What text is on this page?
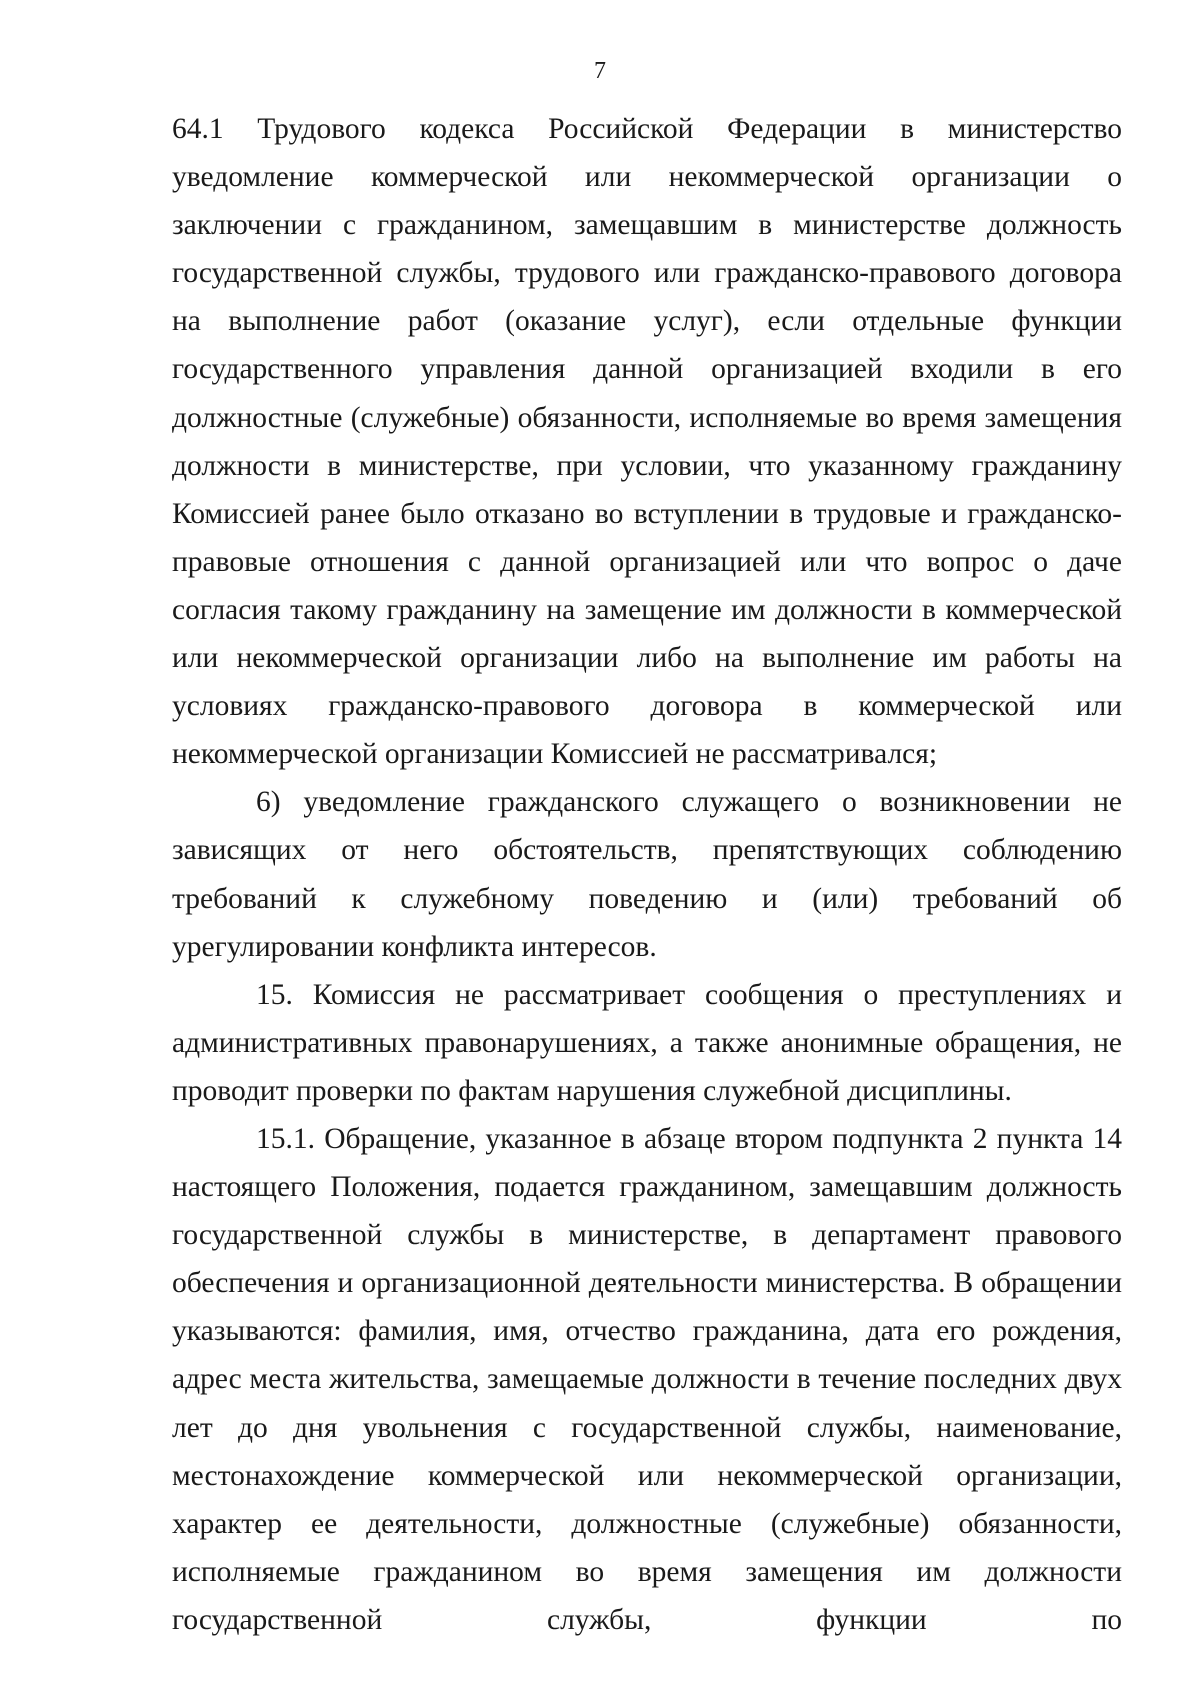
7

64.1 Трудового кодекса Российской Федерации в министерство уведомление коммерческой или некоммерческой организации о заключении с гражданином, замещавшим в министерстве должность государственной службы, трудового или гражданско-правового договора на выполнение работ (оказание услуг), если отдельные функции государственного управления данной организацией входили в его должностные (служебные) обязанности, исполняемые во время замещения должности в министерстве, при условии, что указанному гражданину Комиссией ранее было отказано во вступлении в трудовые и гражданско-правовые отношения с данной организацией или что вопрос о даче согласия такому гражданину на замещение им должности в коммерческой или некоммерческой организации либо на выполнение им работы на условиях гражданско-правового договора в коммерческой или некоммерческой организации Комиссией не рассматривался;

6) уведомление гражданского служащего о возникновении не зависящих от него обстоятельств, препятствующих соблюдению требований к служебному поведению и (или) требований об урегулировании конфликта интересов.

15. Комиссия не рассматривает сообщения о преступлениях и административных правонарушениях, а также анонимные обращения, не проводит проверки по фактам нарушения служебной дисциплины.

15.1. Обращение, указанное в абзаце втором подпункта 2 пункта 14 настоящего Положения, подается гражданином, замещавшим должность государственной службы в министерстве, в департамент правового обеспечения и организационной деятельности министерства. В обращении указываются: фамилия, имя, отчество гражданина, дата его рождения, адрес места жительства, замещаемые должности в течение последних двух лет до дня увольнения с государственной службы, наименование, местонахождение коммерческой или некоммерческой организации, характер ее деятельности, должностные (служебные) обязанности, исполняемые гражданином во время замещения им должности государственной службы, функции по
